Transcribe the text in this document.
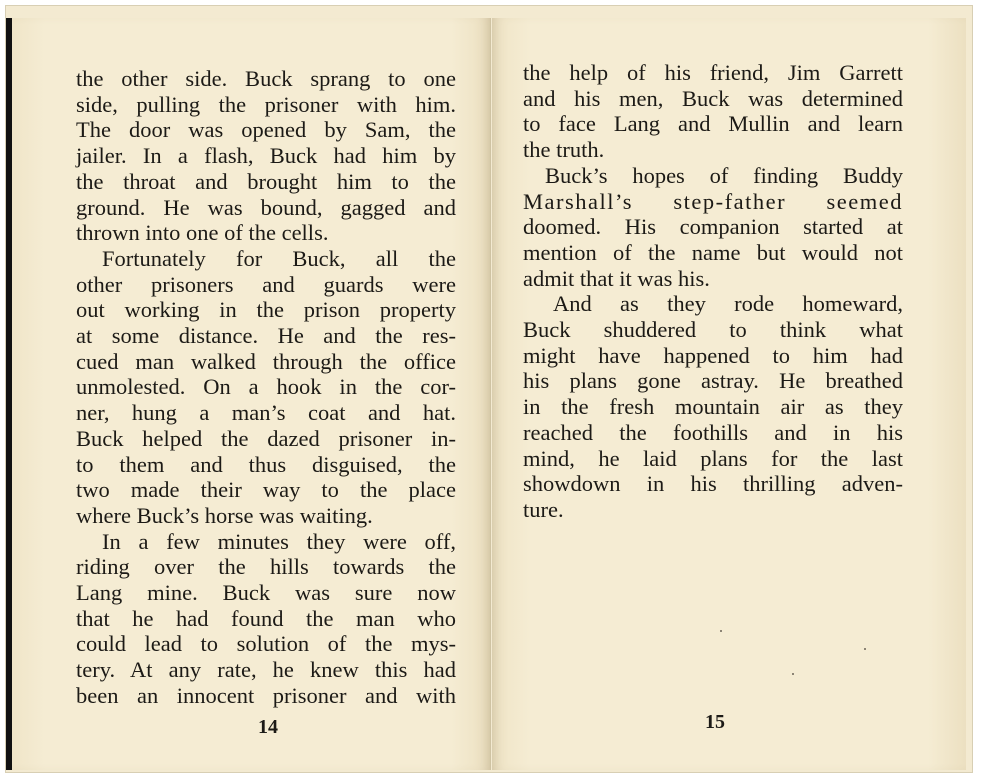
the other side. Buck sprang to one
side, pulling the prisoner with him.
The door was opened by Sam, the
jailer. In a flash, Buck had him by
the throat and brought him to the
ground. He was bound, gagged and
thrown into one of the cells.
Fortunately for Buck, all the
other prisoners and guards were
out working in the prison property
at some distance. He and the res-
cued man walked through the office
unmolested. On a hook in the cor-
ner, hung a man’s coat and hat.
Buck helped the dazed prisoner in-
to them and thus disguised, the
two made their way to the place
where Buck’s horse was waiting.
In a few minutes they were off,
riding over the hills towards the
Lang mine. Buck was sure now
that he had found the man who
could lead to solution of the mys-
tery. At any rate, he knew this had
been an innocent prisoner and with
14
the help of his friend, Jim Garrett
and his men, Buck was determined
to face Lang and Mullin and learn
the truth.
Buck’s hopes of finding Buddy
Marshall’s step-father seemed
doomed. His companion started at
mention of the name but would not
admit that it was his.
And as they rode homeward,
Buck shuddered to think what
might have happened to him had
his plans gone astray. He breathed
in the fresh mountain air as they
reached the foothills and in his
mind, he laid plans for the last
showdown in his thrilling adven-
ture.
15
